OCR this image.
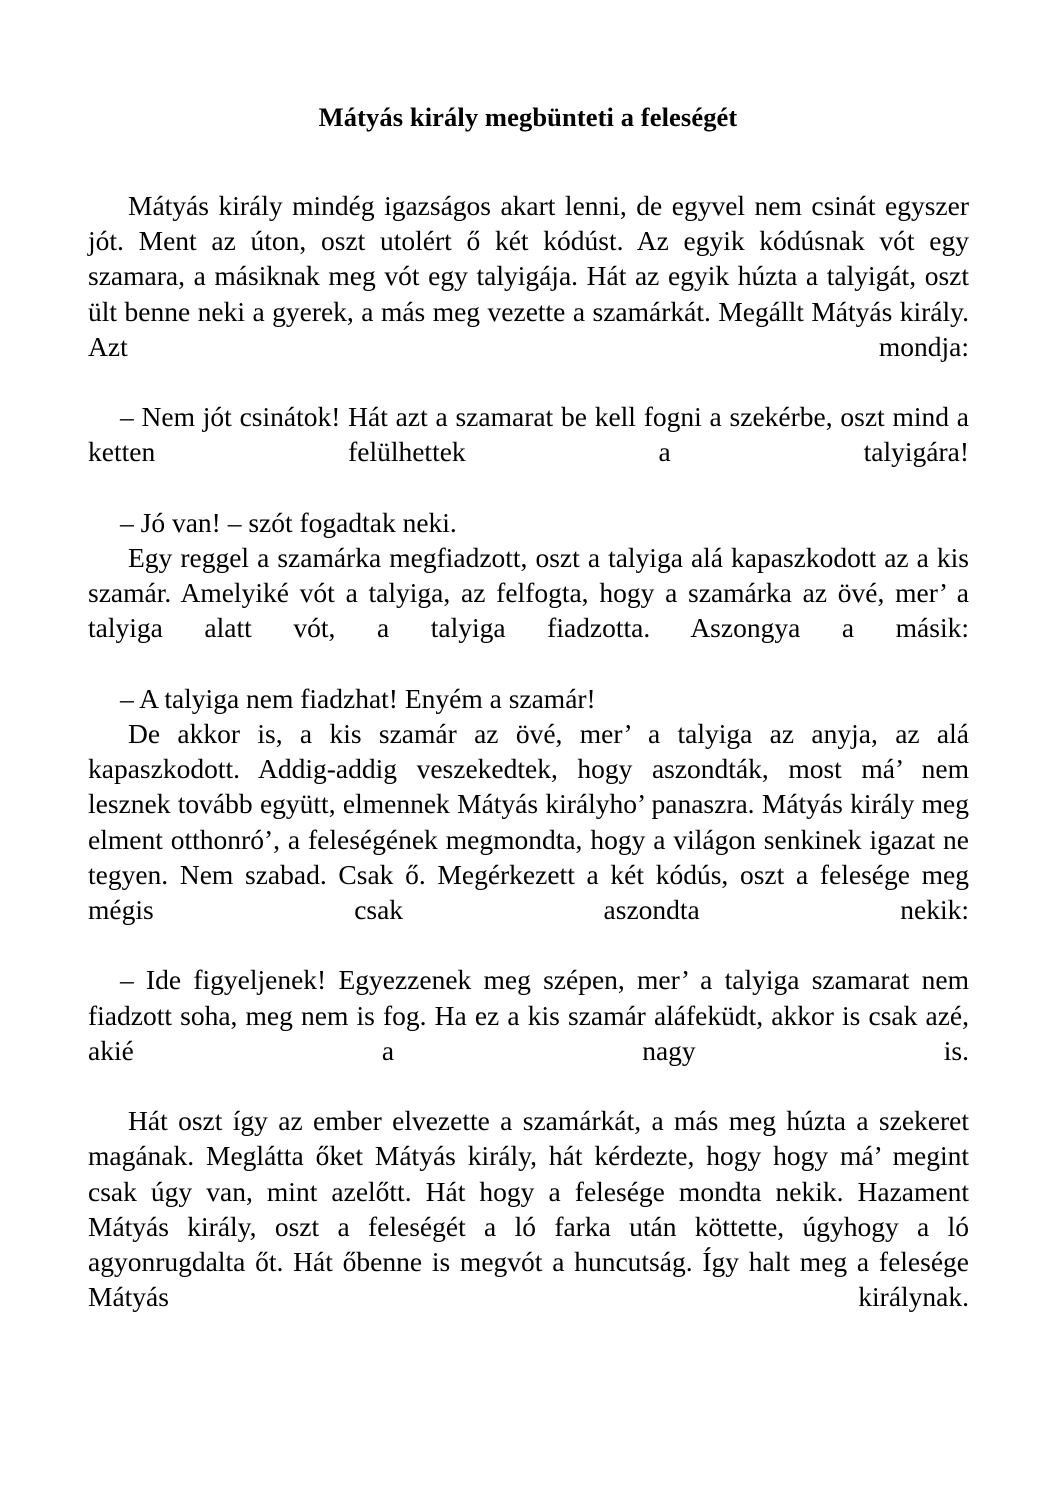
Mátyás király megbünteti a feleségét

Mátyás király mindég igazságos akart lenni, de egyvel nem csinát egyszer jót. Ment az úton, oszt utolért ő két kódúst. Az egyik kódúsnak vót egy szamara, a másiknak meg vót egy talyigája. Hát az egyik húzta a talyigát, oszt ült benne neki a gyerek, a más meg vezette a szamárkát. Megállt Mátyás király. Azt mondja:

– Nem jót csinátok! Hát azt a szamarat be kell fogni a szekérbe, oszt mind a ketten felülhettek a talyigára!

– Jó van! – szót fogadtak neki.

Egy reggel a szamárka megfiadzott, oszt a talyiga alá kapaszkodott az a kis szamár. Amelyiké vót a talyiga, az felfogta, hogy a szamárka az övé, mer’ a talyiga alatt vót, a talyiga fiadzotta. Aszongya a másik:

– A talyiga nem fiadzhat! Enyém a szamár!

De akkor is, a kis szamár az övé, mer’ a talyiga az anyja, az alá kapaszkodott. Addig-addig veszekedtek, hogy aszondták, most má’ nem lesznek tovább együtt, elmennek Mátyás királyho’ panaszra. Mátyás király meg elment otthonró’, a feleségének megmondta, hogy a világon senkinek igazat ne tegyen. Nem szabad. Csak ő. Megérkezett a két kódús, oszt a felesége meg mégis csak aszondta nekik:

– Ide figyeljenek! Egyezzenek meg szépen, mer’ a talyiga szamarat nem fiadzott soha, meg nem is fog. Ha ez a kis szamár aláfeküdt, akkor is csak azé, akié a nagy is.

Hát oszt így az ember elvezette a szamárkát, a más meg húzta a szekeret magának. Meglátta őket Mátyás király, hát kérdezte, hogy hogy má’ megint csak úgy van, mint azelőtt. Hát hogy a felesége mondta nekik. Hazament Mátyás király, oszt a feleségét a ló farka után köttette, úgyhogy a ló agyonrugdalta őt. Hát őbenne is megvót a huncutság. Így halt meg a felesége Mátyás királynak.
